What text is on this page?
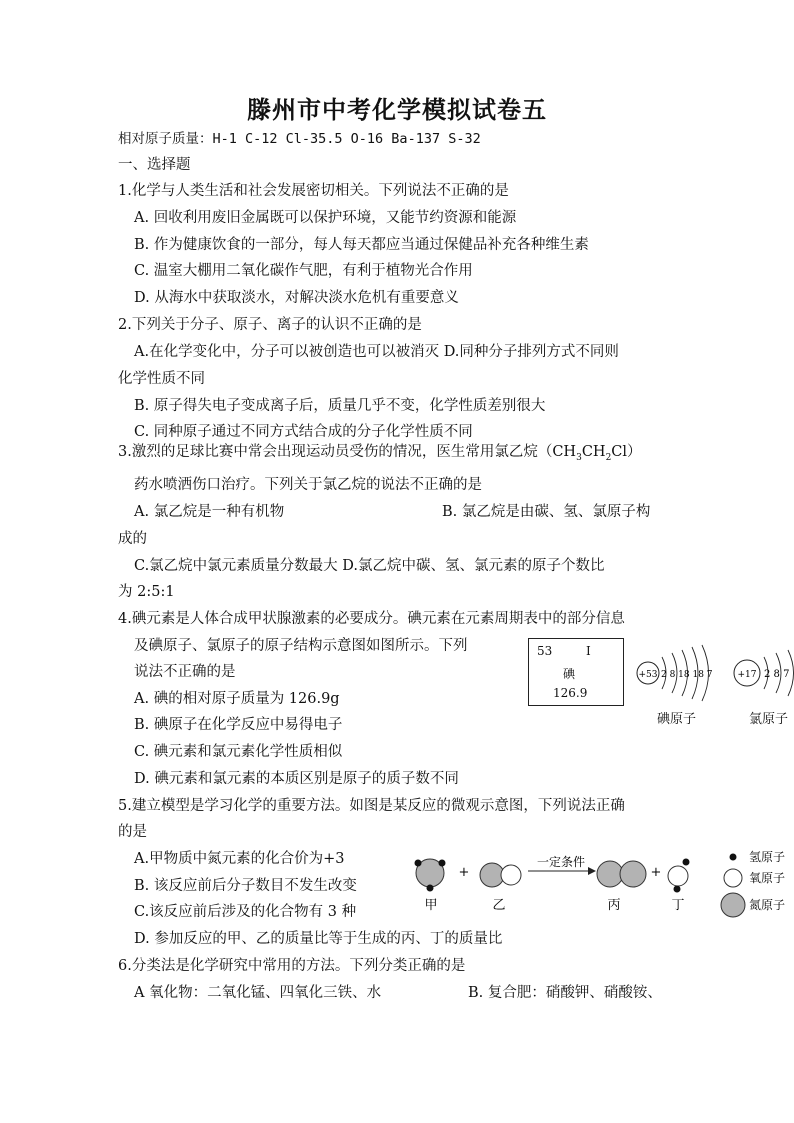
滕州市中考化学模拟试卷五
相对原子质量：H-1 C-12 Cl-35.5 O-16 Ba-137 S-32
一、选择题
1.化学与人类生活和社会发展密切相关。下列说法不正确的是
A. 回收利用废旧金属既可以保护环境，又能节约资源和能源
B. 作为健康饮食的一部分，每人每天都应当通过保健品补充各种维生素
C. 温室大棚用二氧化碳作气肥，有利于植物光合作用
D. 从海水中获取淡水，对解决淡水危机有重要意义
2.下列关于分子、原子、离子的认识不正确的是
A.在化学变化中，分子可以被创造也可以被消灭 D.同种分子排列方式不同则
化学性质不同
B. 原子得失电子变成离子后，质量几乎不变，化学性质差别很大
C. 同种原子通过不同方式结合成的分子化学性质不同
3.激烈的足球比赛中常会出现运动员受伤的情况，医生常用氯乙烷$(CH_3CH_2Cl)$
药水喷洒伤口治疗。下列关于氯乙烷的说法不正确的是
A. 氯乙烷是一种有机物	B. 氯乙烷是由碳、氢、氯原子构
成的
C.氯乙烷中氯元素质量分数最大 D.氯乙烷中碳、氢、氯元素的原子个数比
为 2:5:1
4.碘元素是人体合成甲状腺激素的必要成分。碘元素在元素周期表中的部分信息
及碘原子、氯原子的原子结构示意图如图所示。下列
说法不正确的是
A. 碘的相对原子质量为 126.9g
B. 碘原子在化学反应中易得电子
C. 碘元素和氯元素化学性质相似
D. 碘元素和氯元素的本质区别是原子的质子数不同
53	I
碘
126.9
+53 2 8 18 18 7	+17 2 8 7
碘原子	氯原子
5.建立模型是学习化学的重要方法。如图是某反应的微观示意图，下列说法正确
的是
A.甲物质中氮元素的化合价为+3
B. 该反应前后分子数目不发生改变
C.该反应前后涉及的化合物有 3 种
D. 参加反应的甲、乙的质量比等于生成的丙、丁的质量比
+
一定条件
+
甲	乙	丙	丁
氢原子
氧原子
氮原子
6.分类法是化学研究中常用的方法。下列分类正确的是
A 氧化物：二氧化锰、四氧化三铁、水	B. 复合肥：硝酸钾、硝酸铵、
